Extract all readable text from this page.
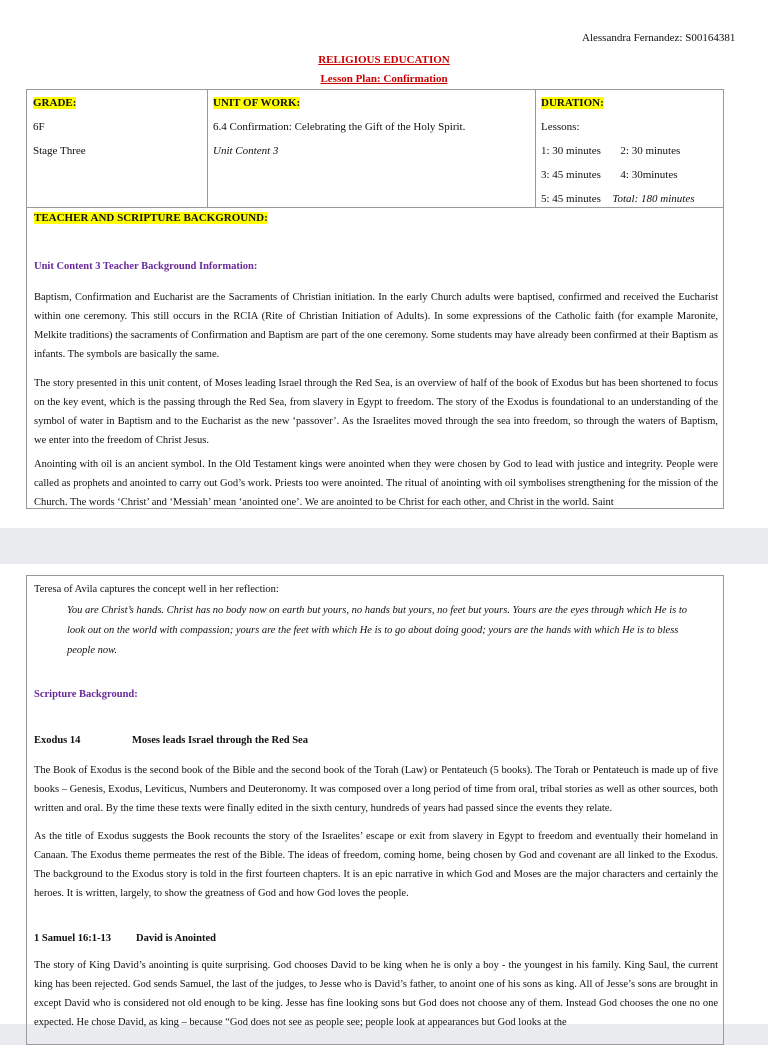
Alessandra Fernandez: S00164381
RELIGIOUS EDUCATION
Lesson Plan: Confirmation
GRADE:
6F
Stage Three
UNIT OF WORK:
6.4 Confirmation: Celebrating the Gift of the Holy Spirit.
Unit Content 3
DURATION:
Lessons:
1: 30 minutes 2: 30 minutes
3: 45 minutes 4: 30minutes
5: 45 minutes Total: 180 minutes
TEACHER AND SCRIPTURE BACKGROUND:
Unit Content 3 Teacher Background Information:
Baptism, Confirmation and Eucharist are the Sacraments of Christian initiation. In the early Church adults were baptised, confirmed and received the Eucharist within one ceremony. This still occurs in the RCIA (Rite of Christian Initiation of Adults). In some expressions of the Catholic faith (for example Maronite, Melkite traditions) the sacraments of Confirmation and Baptism are part of the one ceremony. Some students may have already been confirmed at their Baptism as infants. The symbols are basically the same.
The story presented in this unit content, of Moses leading Israel through the Red Sea, is an overview of half of the book of Exodus but has been shortened to focus on the key event, which is the passing through the Red Sea, from slavery in Egypt to freedom. The story of the Exodus is foundational to an understanding of the symbol of water in Baptism and to the Eucharist as the new ‘passover’. As the Israelites moved through the sea into freedom, so through the waters of Baptism, we enter into the freedom of Christ Jesus.
Anointing with oil is an ancient symbol. In the Old Testament kings were anointed when they were chosen by God to lead with justice and integrity. People were called as prophets and anointed to carry out God’s work. Priests too were anointed. The ritual of anointing with oil symbolises strengthening for the mission of the Church. The words ‘Christ’ and ‘Messiah’ mean ‘anointed one’. We are anointed to be Christ for each other, and Christ in the world. Saint
Teresa of Avila captures the concept well in her reflection:
You are Christ’s hands. Christ has no body now on earth but yours, no hands but yours, no feet but yours. Yours are the eyes through which He is to look out on the world with compassion; yours are the feet with which He is to go about doing good; yours are the hands with which He is to bless people now.
Scripture Background:
Exodus 14	Moses leads Israel through the Red Sea
The Book of Exodus is the second book of the Bible and the second book of the Torah (Law) or Pentateuch (5 books). The Torah or Pentateuch is made up of five books – Genesis, Exodus, Leviticus, Numbers and Deuteronomy. It was composed over a long period of time from oral, tribal stories as well as other sources, both written and oral. By the time these texts were finally edited in the sixth century, hundreds of years had passed since the events they relate.
As the title of Exodus suggests the Book recounts the story of the Israelites’ escape or exit from slavery in Egypt to freedom and eventually their homeland in Canaan. The Exodus theme permeates the rest of the Bible. The ideas of freedom, coming home, being chosen by God and covenant are all linked to the Exodus. The background to the Exodus story is told in the first fourteen chapters. It is an epic narrative in which God and Moses are the major characters and certainly the heroes. It is written, largely, to show the greatness of God and how God loves the people.
1 Samuel 16:1-13 David is Anointed
The story of King David’s anointing is quite surprising. God chooses David to be king when he is only a boy - the youngest in his family. King Saul, the current king has been rejected. God sends Samuel, the last of the judges, to Jesse who is David’s father, to anoint one of his sons as king. All of Jesse’s sons are brought in except David who is considered not old enough to be king. Jesse has fine looking sons but God does not choose any of them. Instead God chooses the one no one expected. He chose David, as king – because “God does not see as people see; people look at appearances but God looks at the
